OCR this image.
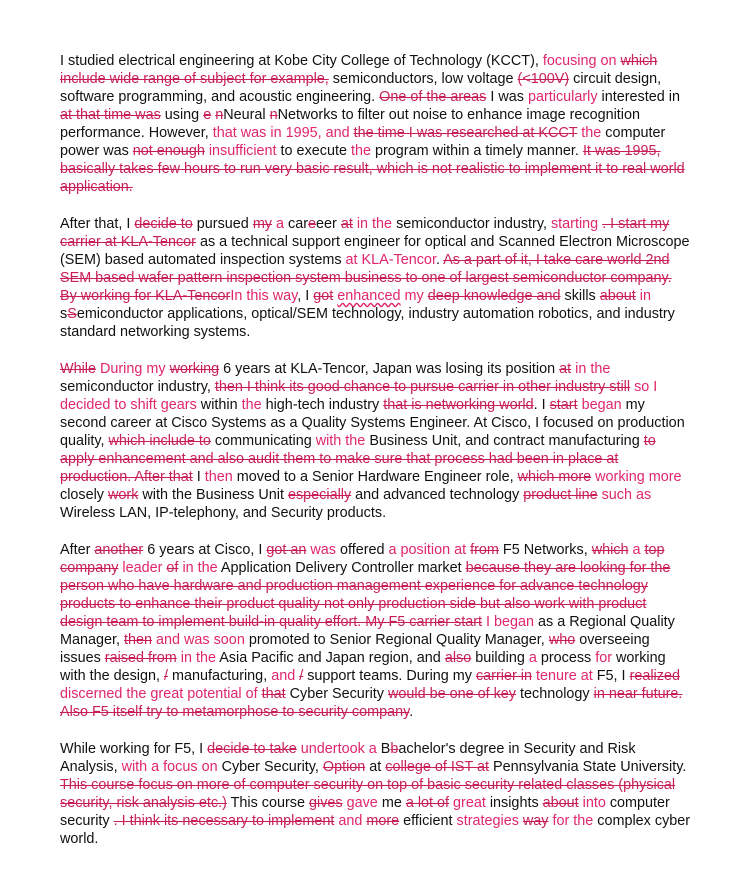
I studied electrical engineering at Kobe City College of Technology (KCCT), focusing on which include wide range of subject for example, semiconductors, low voltage (<100V) circuit design, software programming, and acoustic engineering. One of the areas I was particularly interested in at that time was using e nNeural nNetworks to filter out noise to enhance image recognition performance. However, that was in 1995, and the time I was researched at KCCT the computer power was not enough insufficient to execute the program within a timely manner. It was 1995, basically takes few hours to run very basic result, which is not realistic to implement it to real world application.

After that, I decide to pursued my a careeer at in the semiconductor industry, starting . I start my carrier at KLA-Tencor as a technical support engineer for optical and Scanned Electron Microscope (SEM) based automated inspection systems at KLA-Tencor. As a part of it, I take care world 2nd SEM based wafer pattern inspection system business to one of largest semiconductor company. By working for KLA-TencorIn this way, I got enhanced my deep knowledge and skills about in sSemiconductor applications, optical/SEM technology, industry automation robotics, and industry standard networking systems.

While During my working 6 years at KLA-Tencor, Japan was losing its position at in the semiconductor industry, then I think its good chance to pursue carrier in other industry still so I decided to shift gears within the high-tech industry that is networking world. I start began my second career at Cisco Systems as a Quality Systems Engineer. At Cisco, I focused on production quality, which include to communicating with the Business Unit, and contract manufacturing to apply enhancement and also audit them to make sure that process had been in place at production. After that I then moved to a Senior Hardware Engineer role, which more working more closely work with the Business Unit especially and advanced technology product line such as Wireless LAN, IP-telephony, and Security products.

After another 6 years at Cisco, I got an was offered a position at from F5 Networks, which a top company leader of in the Application Delivery Controller market because they are looking for the person who have hardware and production management experience for advance technology products to enhance their product quality not only production side but also work with product design team to implement build-in quality effort. My F5 carrier start I began as a Regional Quality Manager, then and was soon promoted to Senior Regional Quality Manager, who overseeing issues raised from in the Asia Pacific and Japan region, and also building a process for working with the design, / manufacturing, and / support teams. During my carrier in tenure at F5, I realized discerned the great potential of that Cyber Security would be one of key technology in near future. Also F5 itself try to metamorphose to security company.

While working for F5, I decide to take undertook a Bbachelor's degree in Security and Risk Analysis, with a focus on Cyber Security, Option at college of IST at Pennsylvania State University. This course focus on more of computer security on top of basic security related classes (physical security, risk analysis etc.) This course gives gave me a lot of great insights about into computer security . I think its necessary to implement and more efficient strategies way for the complex cyber world.
